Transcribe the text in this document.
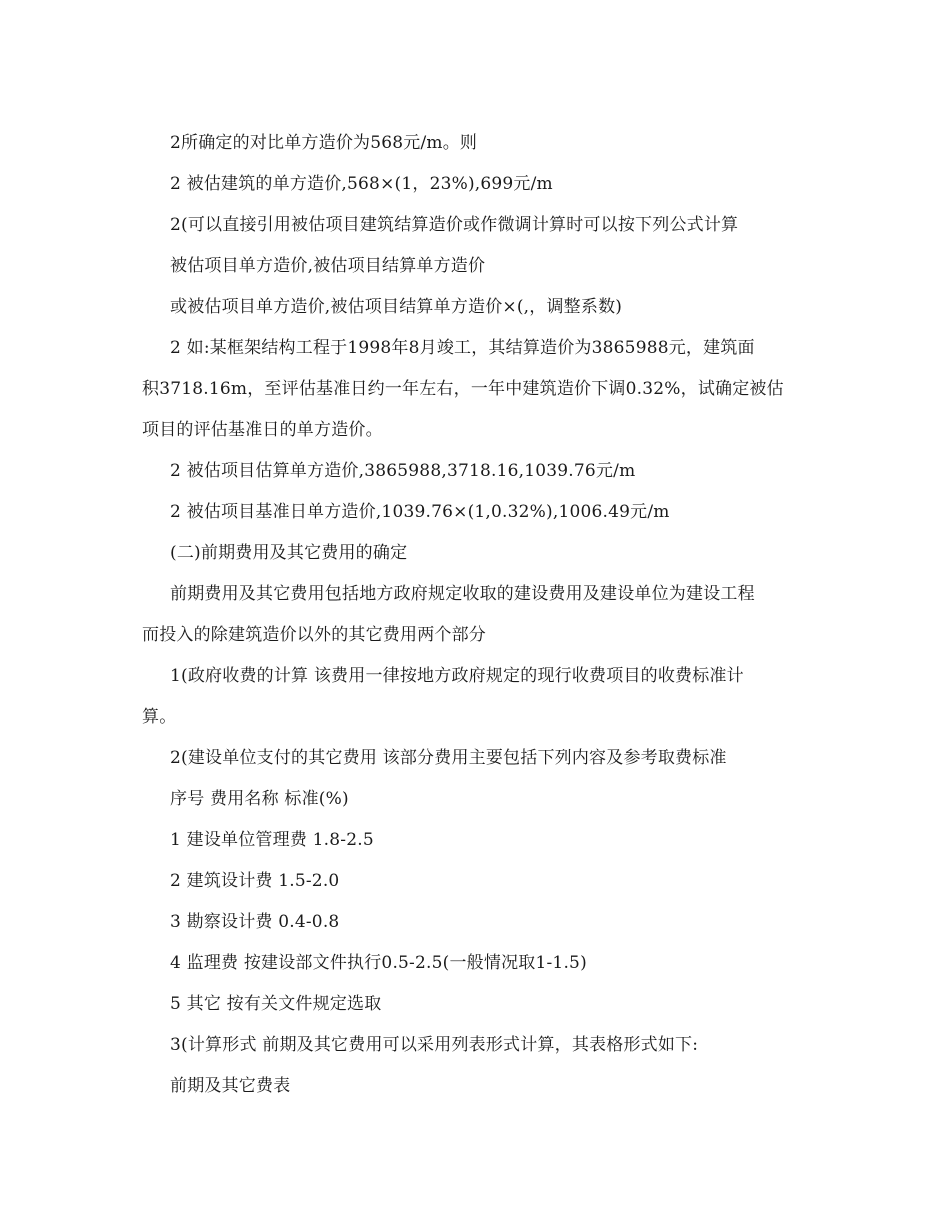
2所确定的对比单方造价为568元/m。则
2 被估建筑的单方造价,568×(1，23%),699元/m
2(可以直接引用被估项目建筑结算造价或作微调计算时可以按下列公式计算
被估项目单方造价,被估项目结算单方造价
或被估项目单方造价,被估项目结算单方造价×(,，调整系数)
2 如:某框架结构工程于1998年8月竣工，其结算造价为3865988元，建筑面
积3718.16m，至评估基准日约一年左右，一年中建筑造价下调0.32%，试确定被估
项目的评估基准日的单方造价。
2 被估项目估算单方造价,3865988,3718.16,1039.76元/m
2 被估项目基准日单方造价,1039.76×(1,0.32%),1006.49元/m
(二)前期费用及其它费用的确定
前期费用及其它费用包括地方政府规定收取的建设费用及建设单位为建设工程
而投入的除建筑造价以外的其它费用两个部分
1(政府收费的计算 该费用一律按地方政府规定的现行收费项目的收费标准计
算。
2(建设单位支付的其它费用 该部分费用主要包括下列内容及参考取费标准
序号 费用名称 标准(%)
1 建设单位管理费 1.8-2.5
2 建筑设计费 1.5-2.0
3 勘察设计费 0.4-0.8
4 监理费 按建设部文件执行0.5-2.5(一般情况取1-1.5)
5 其它 按有关文件规定选取
3(计算形式 前期及其它费用可以采用列表形式计算，其表格形式如下:
前期及其它费表
